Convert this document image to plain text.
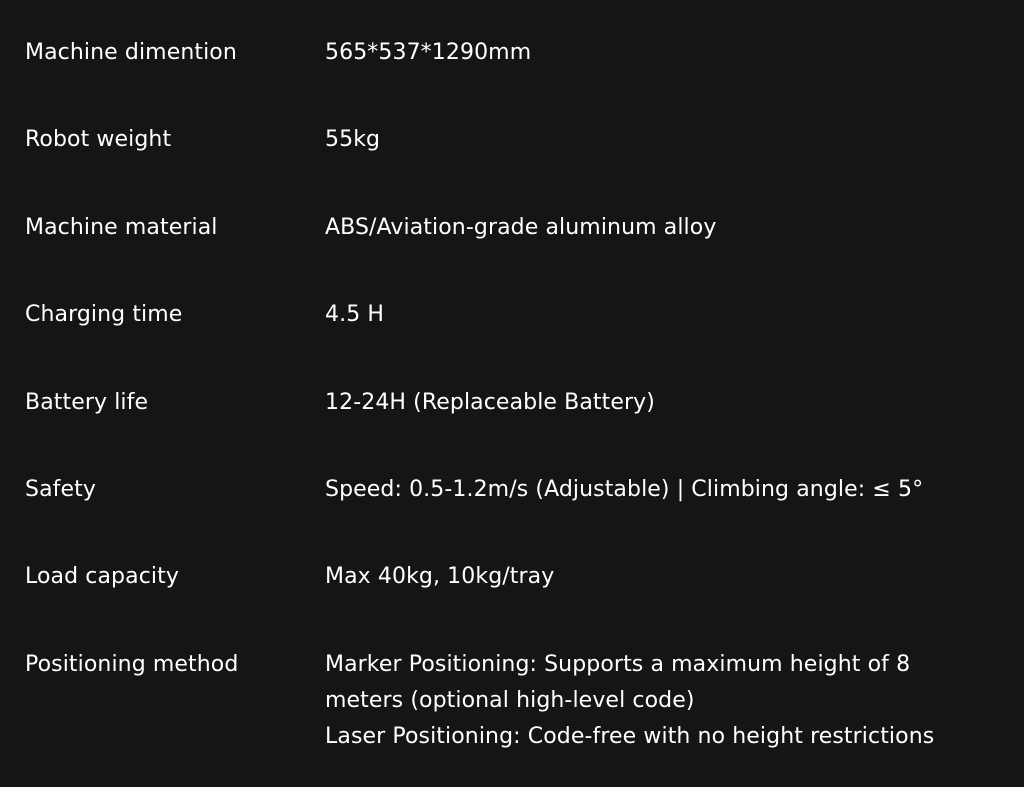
Machine dimention	565*537*1290mm
Robot weight	55kg
Machine material	ABS/Aviation-grade aluminum alloy
Charging time	4.5 H
Battery life	12-24H (Replaceable Battery)
Safety	Speed: 0.5-1.2m/s (Adjustable) | Climbing angle: ≤ 5°
Load capacity	Max 40kg, 10kg/tray
Positioning method	Marker Positioning: Supports a maximum height of 8
meters (optional high-level code)
Laser Positioning: Code-free with no height restrictions
